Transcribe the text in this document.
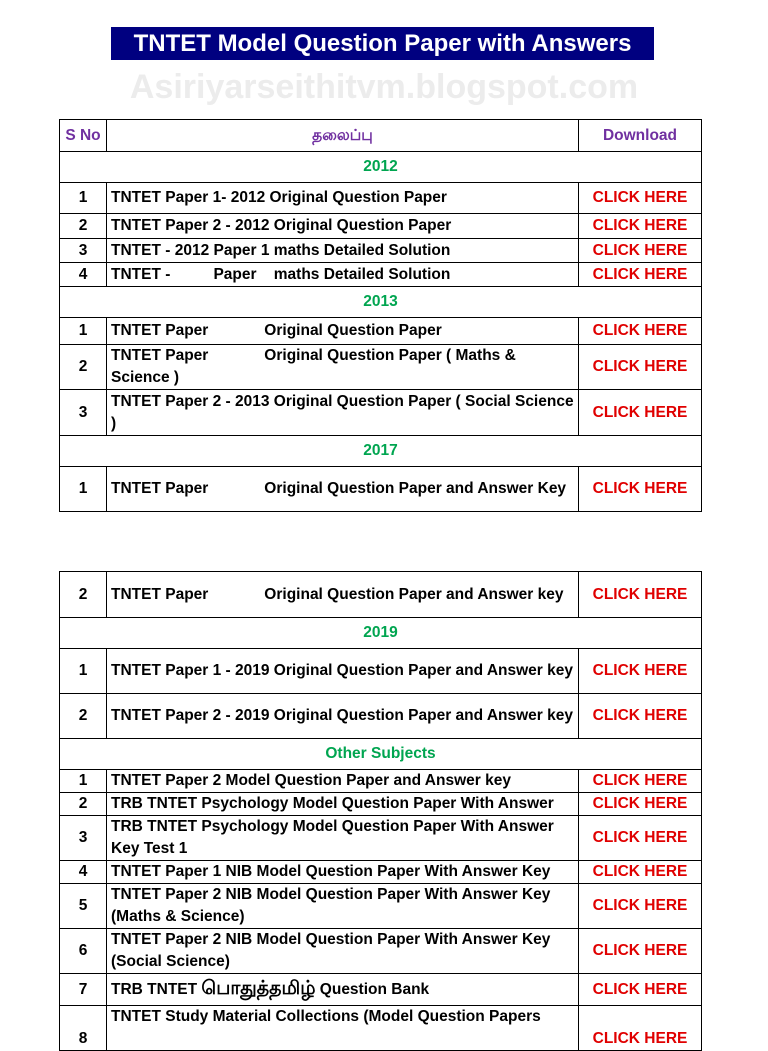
TNTET Model Question Paper with Answers
Asiriyarseithitvm.blogspot.com
S No	தலைப்பு	Download
2012		
1	TNTET Paper 1- 2012 Original Question Paper	CLICK HERE
2	TNTET Paper 2 - 2012 Original Question Paper	CLICK HERE
3	TNTET - 2012 Paper 1 maths Detailed Solution	CLICK HERE
4	TNTET -          Paper    maths Detailed Solution	CLICK HERE
2013		
1	TNTET Paper             Original Question Paper	CLICK HERE
2	TNTET Paper             Original Question Paper ( Maths & Science )	CLICK HERE
3	TNTET Paper 2 - 2013 Original Question Paper ( Social Science )	CLICK HERE
2017		
1	TNTET Paper             Original Question Paper and Answer Key	CLICK HERE
2	TNTET Paper             Original Question Paper and Answer key	CLICK HERE
2019		
1	TNTET Paper 1 - 2019 Original Question Paper and Answer key	CLICK HERE
2	TNTET Paper 2 - 2019 Original Question Paper and Answer key	CLICK HERE
Other Subjects		
1	TNTET Paper 2 Model Question Paper and Answer key	CLICK HERE
2	TRB TNTET Psychology Model Question Paper With Answer	CLICK HERE
3	TRB TNTET Psychology Model Question Paper With Answer Key Test 1	CLICK HERE
4	TNTET Paper 1 NIB Model Question Paper With Answer Key	CLICK HERE
5	TNTET Paper 2 NIB Model Question Paper With Answer Key (Maths & Science)	CLICK HERE
6	TNTET Paper 2 NIB Model Question Paper With Answer Key (Social Science)	CLICK HERE
7	TRB TNTET பொதுத்தமிழ் Question Bank	CLICK HERE
8	TNTET Study Material Collections (Model Question Papers	CLICK HERE
